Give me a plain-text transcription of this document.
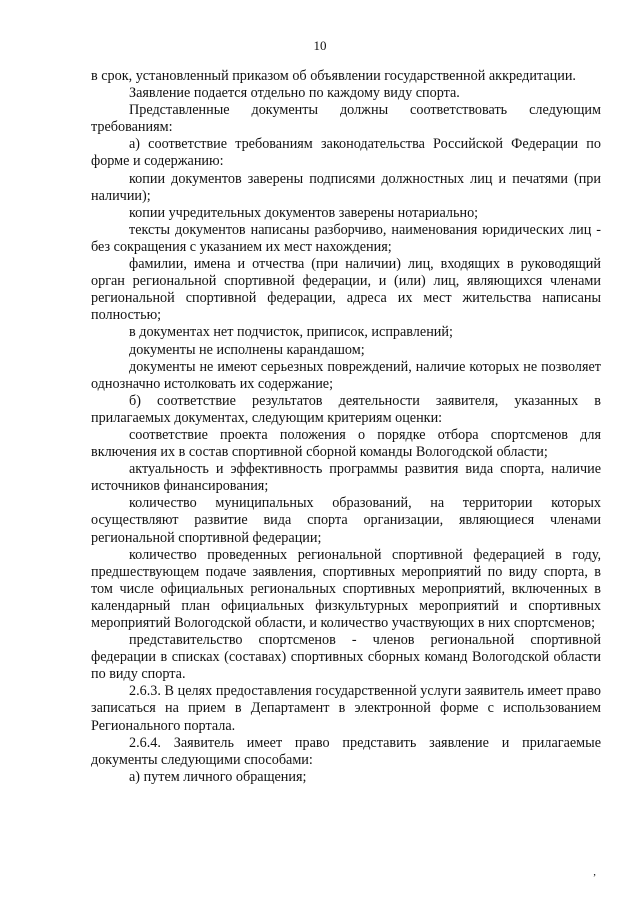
10

в срок, установленный приказом об объявлении государственной аккредитации.

Заявление подается отдельно по каждому виду спорта.

Представленные документы должны соответствовать следующим требованиям:

а) соответствие требованиям законодательства Российской Федерации по форме и содержанию:

копии документов заверены подписями должностных лиц и печатями (при наличии);

копии учредительных документов заверены нотариально;

тексты документов написаны разборчиво, наименования юридических лиц - без сокращения с указанием их мест нахождения;

фамилии, имена и отчества (при наличии) лиц, входящих в руководящий орган региональной спортивной федерации, и (или) лиц, являющихся членами региональной спортивной федерации, адреса их мест жительства написаны полностью;

в документах нет подчисток, приписок, исправлений;

документы не исполнены карандашом;

документы не имеют серьезных повреждений, наличие которых не позволяет однозначно истолковать их содержание;

б) соответствие результатов деятельности заявителя, указанных в прилагаемых документах, следующим критериям оценки:

соответствие проекта положения о порядке отбора спортсменов для включения их в состав спортивной сборной команды Вологодской области;

актуальность и эффективность программы развития вида спорта, наличие источников финансирования;

количество муниципальных образований, на территории которых осуществляют развитие вида спорта организации, являющиеся членами региональной спортивной федерации;

количество проведенных региональной спортивной федерацией в году, предшествующем подаче заявления, спортивных мероприятий по виду спорта, в том числе официальных региональных спортивных мероприятий, включенных в календарный план официальных физкультурных мероприятий и спортивных мероприятий Вологодской области, и количество участвующих в них спортсменов;

представительство спортсменов - членов региональной спортивной федерации в списках (составах) спортивных сборных команд Вологодской области по виду спорта.

2.6.3. В целях предоставления государственной услуги заявитель имеет право записаться на прием в Департамент в электронной форме с использованием Регионального портала.

2.6.4. Заявитель имеет право представить заявление и прилагаемые документы следующими способами:

а) путем личного обращения;

,
